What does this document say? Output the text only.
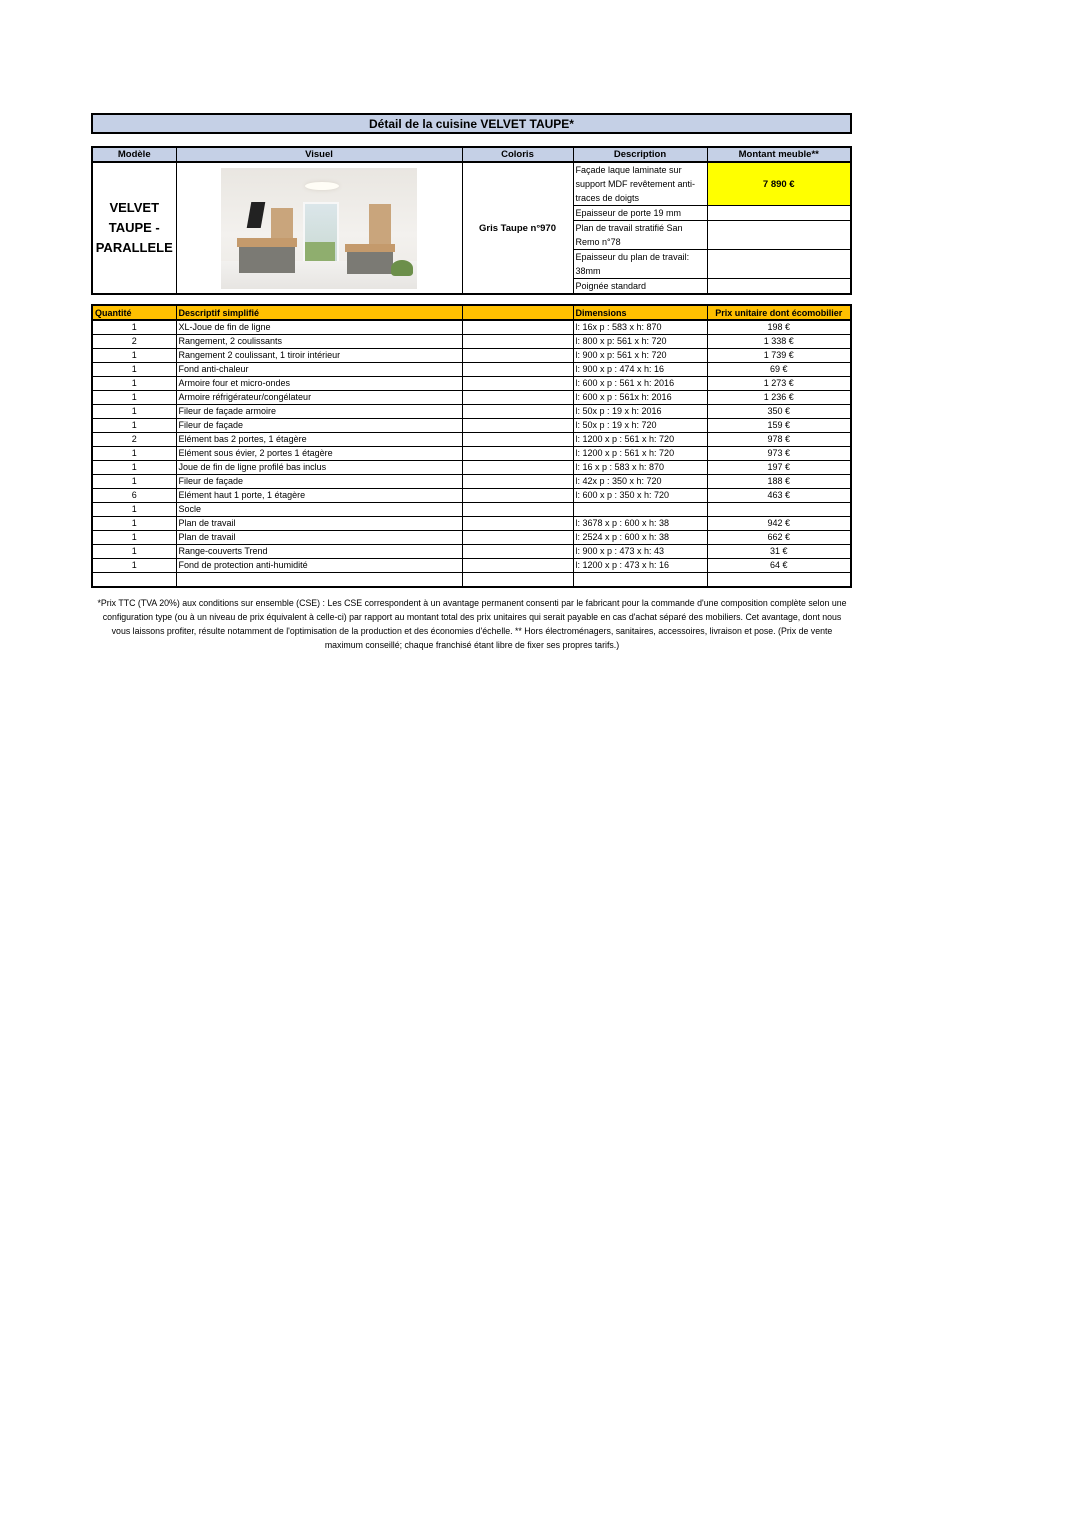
Détail de la cuisine VELVET TAUPE*
Modèle	Visuel	Coloris	Description	Montant meuble**
VELVET TAUPE - PARALLELE		Gris Taupe n°970	Façade laque laminate sur support MDF revêtement anti-traces de doigts	7 890 €
			Epaisseur de porte 19 mm	
			Plan de travail stratifié San Remo n°78	
			Epaisseur du plan de travail: 38mm	
			Poignée standard	
Quantité	Descriptif simplifié		Dimensions	Prix unitaire dont écomobilier
1	XL-Joue de fin de ligne		l: 16x p : 583 x h: 870	198 €
2	Rangement, 2 coulissants		l: 800 x p: 561 x h: 720	1 338 €
1	Rangement 2 coulissant, 1 tiroir intérieur		l: 900 x p: 561 x h: 720	1 739 €
1	Fond anti-chaleur		l: 900 x p : 474 x h: 16	69 €
1	Armoire four et micro-ondes		l: 600 x p : 561 x h: 2016	1 273 €
1	Armoire réfrigérateur/congélateur		l: 600 x p : 561x h: 2016	1 236 €
1	Fileur de façade armoire		l: 50x p : 19 x h: 2016	350 €
1	Fileur de façade		l: 50x p : 19 x h: 720	159 €
2	Elément bas 2 portes, 1 étagère		l: 1200 x p : 561 x h: 720	978 €
1	Elément sous évier, 2 portes 1 étagère		l: 1200 x p : 561 x h: 720	973 €
1	Joue de fin de ligne profilé bas inclus		l: 16 x p : 583 x h: 870	197 €
1	Fileur de façade		l: 42x p : 350 x h: 720	188 €
6	Elément haut 1 porte, 1 étagère		l: 600 x p : 350 x h: 720	463 €
1	Socle			
1	Plan de travail		l: 3678 x p : 600 x h: 38	942 €
1	Plan de travail		l: 2524 x p : 600 x h: 38	662 €
1	Range-couverts Trend		l: 900 x p : 473 x h: 43	31 €
1	Fond de protection anti-humidité		l: 1200 x p : 473 x h: 16	64 €

*Prix TTC (TVA 20%) aux conditions sur ensemble (CSE) : Les CSE correspondent à un avantage permanent consenti par le fabricant pour la commande d'une composition complète selon une configuration type (ou à un niveau de prix équivalent à celle-ci) par rapport au montant total des prix unitaires qui serait payable en cas d'achat séparé des mobiliers. Cet avantage, dont nous vous laissons profiter, résulte notamment de l'optimisation de la production et des économies d'échelle. ** Hors électroménagers, sanitaires, accessoires, livraison et pose. (Prix de vente maximum conseillé; chaque franchisé étant libre de fixer ses propres tarifs.)
